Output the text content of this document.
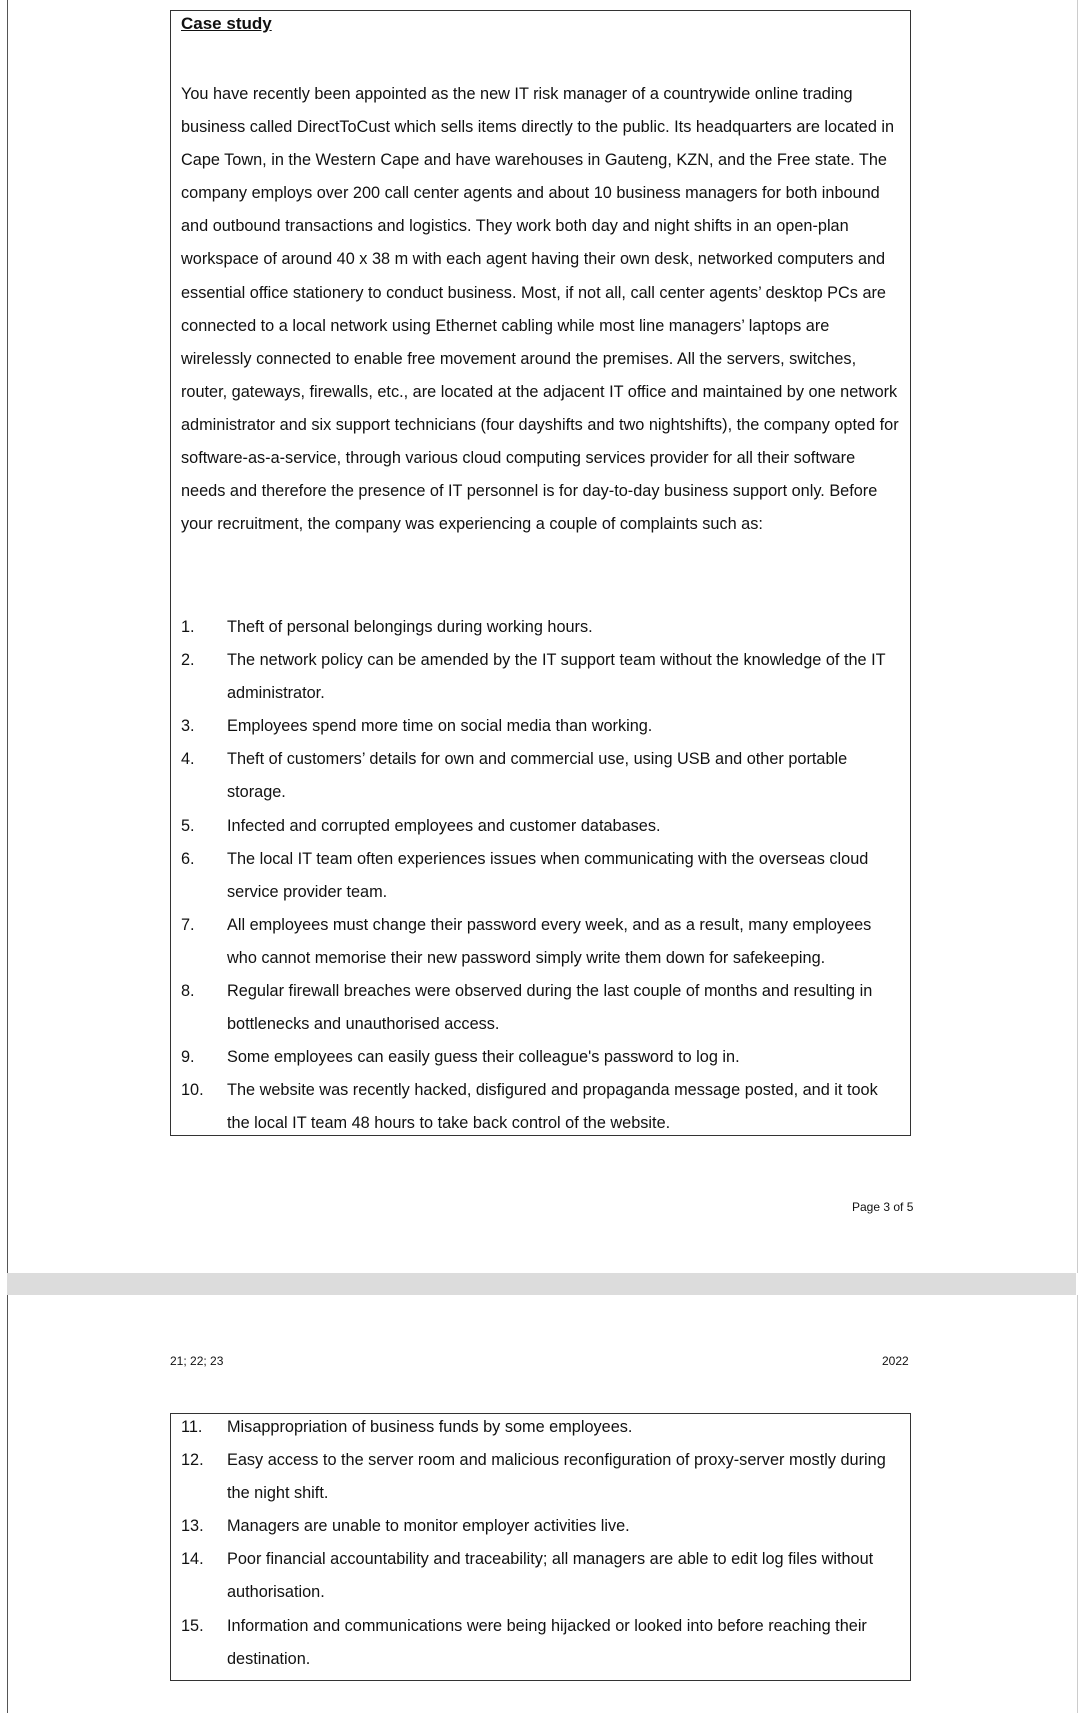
Case study

You have recently been appointed as the new IT risk manager of a countrywide online trading business called DirectToCust which sells items directly to the public. Its headquarters are located in Cape Town, in the Western Cape and have warehouses in Gauteng, KZN, and the Free state. The company employs over 200 call center agents and about 10 business managers for both inbound and outbound transactions and logistics. They work both day and night shifts in an open-plan workspace of around 40 x 38 m with each agent having their own desk, networked computers and essential office stationery to conduct business. Most, if not all, call center agents’ desktop PCs are connected to a local network using Ethernet cabling while most line managers’ laptops are wirelessly connected to enable free movement around the premises. All the servers, switches, router, gateways, firewalls, etc., are located at the adjacent IT office and maintained by one network administrator and six support technicians (four dayshifts and two nightshifts), the company opted for software-as-a-service, through various cloud computing services provider for all their software needs and therefore the presence of IT personnel is for day-to-day business support only. Before your recruitment, the company was experiencing a couple of complaints such as:

1. Theft of personal belongings during working hours.
2. The network policy can be amended by the IT support team without the knowledge of the IT administrator.
3. Employees spend more time on social media than working.
4. Theft of customers’ details for own and commercial use, using USB and other portable storage.
5. Infected and corrupted employees and customer databases.
6. The local IT team often experiences issues when communicating with the overseas cloud service provider team.
7. All employees must change their password every week, and as a result, many employees who cannot memorise their new password simply write them down for safekeeping.
8. Regular firewall breaches were observed during the last couple of months and resulting in bottlenecks and unauthorised access.
9. Some employees can easily guess their colleague's password to log in.
10. The website was recently hacked, disfigured and propaganda message posted, and it took the local IT team 48 hours to take back control of the website.
Page 3 of 5
21; 22; 23	2022
11. Misappropriation of business funds by some employees.
12. Easy access to the server room and malicious reconfiguration of proxy-server mostly during the night shift.
13. Managers are unable to monitor employer activities live.
14. Poor financial accountability and traceability; all managers are able to edit log files without authorisation.
15. Information and communications were being hijacked or looked into before reaching their destination.
